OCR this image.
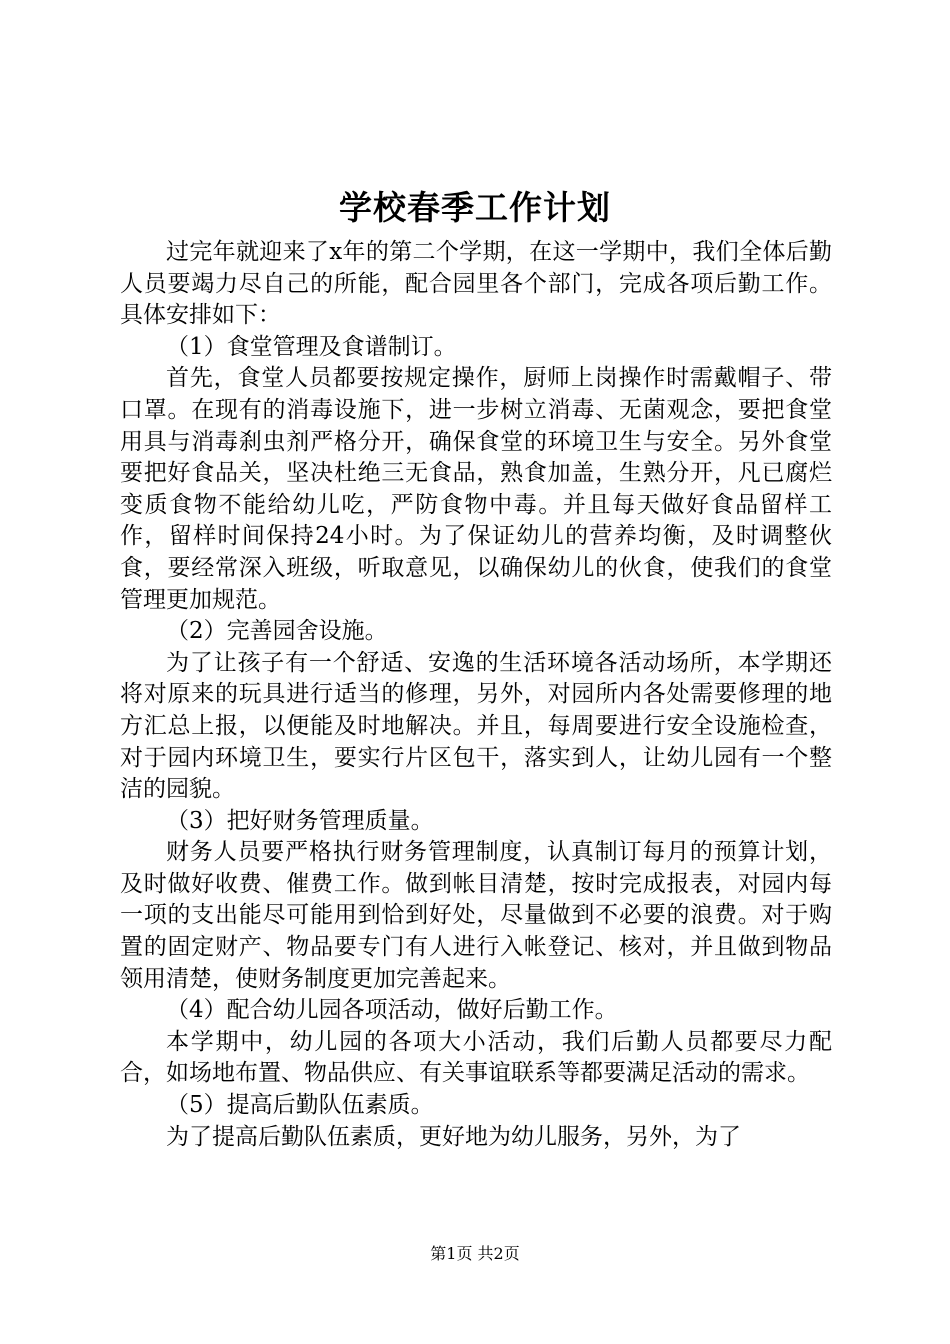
学校春季工作计划

过完年就迎来了x年的第二个学期，在这一学期中，我们全体后勤人员要竭力尽自己的所能，配合园里各个部门，完成各项后勤工作。具体安排如下：

（1）食堂管理及食谱制订。

首先，食堂人员都要按规定操作，厨师上岗操作时需戴帽子、带口罩。在现有的消毒设施下，进一步树立消毒、无菌观念，要把食堂用具与消毒刹虫剂严格分开，确保食堂的环境卫生与安全。另外食堂要把好食品关，坚决杜绝三无食品，熟食加盖，生熟分开，凡已腐烂变质食物不能给幼儿吃，严防食物中毒。并且每天做好食品留样工作，留样时间保持24小时。为了保证幼儿的营养均衡，及时调整伙食，要经常深入班级，听取意见，以确保幼儿的伙食，使我们的食堂管理更加规范。

（2）完善园舍设施。

为了让孩子有一个舒适、安逸的生活环境各活动场所，本学期还将对原来的玩具进行适当的修理，另外，对园所内各处需要修理的地方汇总上报，以便能及时地解决。并且，每周要进行安全设施检查，对于园内环境卫生，要实行片区包干，落实到人，让幼儿园有一个整洁的园貌。

（3）把好财务管理质量。

财务人员要严格执行财务管理制度，认真制订每月的预算计划，及时做好收费、催费工作。做到帐目清楚，按时完成报表，对园内每一项的支出能尽可能用到恰到好处，尽量做到不必要的浪费。对于购置的固定财产、物品要专门有人进行入帐登记、核对，并且做到物品领用清楚，使财务制度更加完善起来。

（4）配合幼儿园各项活动，做好后勤工作。

本学期中，幼儿园的各项大小活动，我们后勤人员都要尽力配合，如场地布置、物品供应、有关事谊联系等都要满足活动的需求。

（5）提高后勤队伍素质。

为了提高后勤队伍素质，更好地为幼儿服务，另外，为了

第1页 共2页
